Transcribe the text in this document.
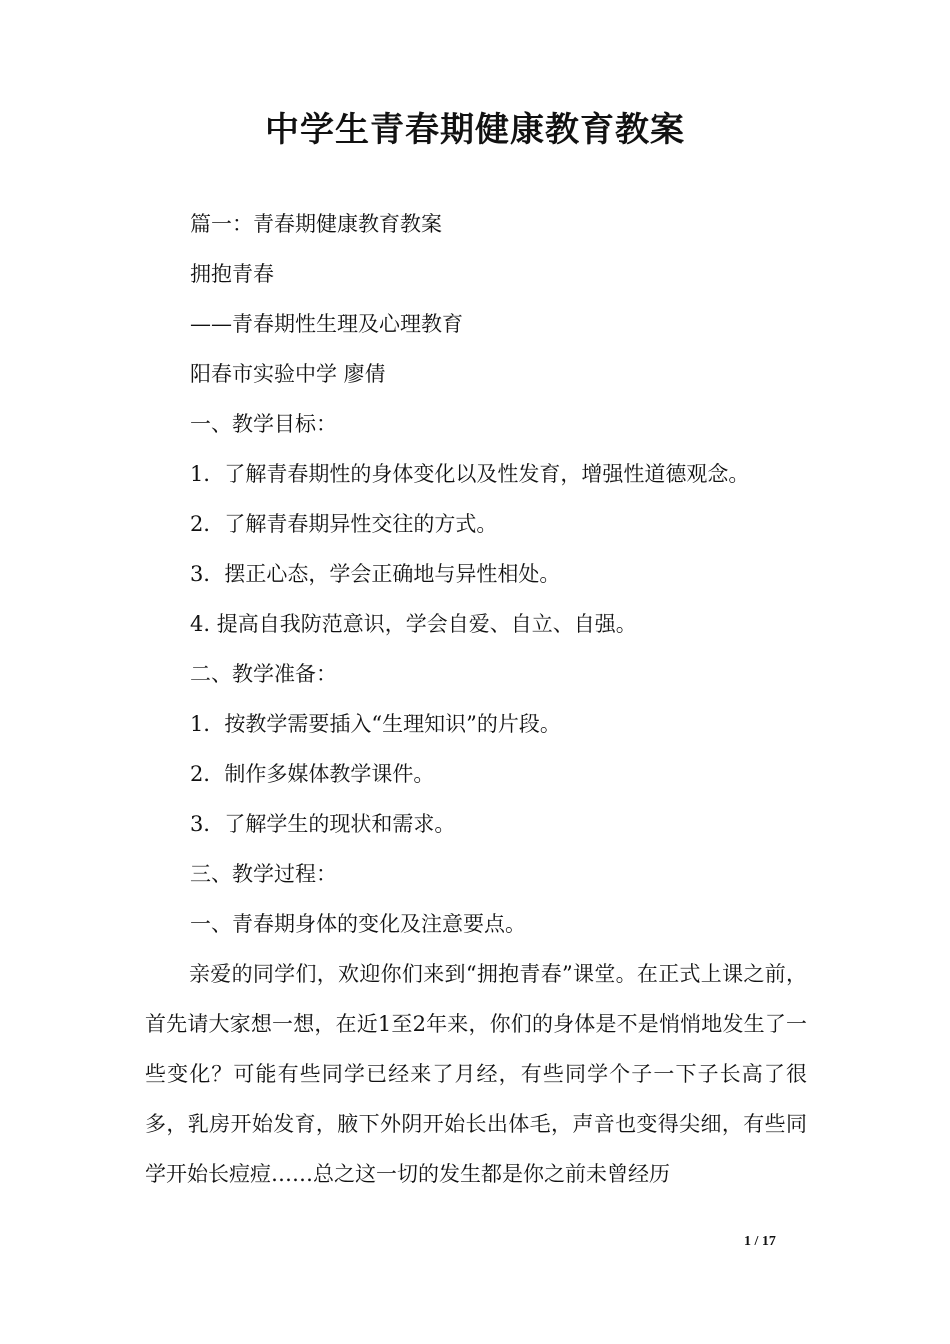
中学生青春期健康教育教案
篇一：青春期健康教育教案
拥抱青春
——青春期性生理及心理教育
阳春市实验中学 廖倩
一、教学目标：
1．了解青春期性的身体变化以及性发育，增强性道德观念。
2．了解青春期异性交往的方式。
3．摆正心态，学会正确地与异性相处。
4. 提高自我防范意识，学会自爱、自立、自强。
二、教学准备：
1．按教学需要插入“生理知识”的片段。
2．制作多媒体教学课件。
3．了解学生的现状和需求。
三、教学过程：
一、青春期身体的变化及注意要点。
亲爱的同学们，欢迎你们来到“拥抱青春”课堂。在正式上课之前，首先请大家想一想，在近1至2年来，你们的身体是不是悄悄地发生了一些变化？可能有些同学已经来了月经，有些同学个子一下子长高了很多，乳房开始发育，腋下外阴开始长出体毛，声音也变得尖细，有些同学开始长痘痘……总之这一切的发生都是你之前未曾经历
1 / 17
